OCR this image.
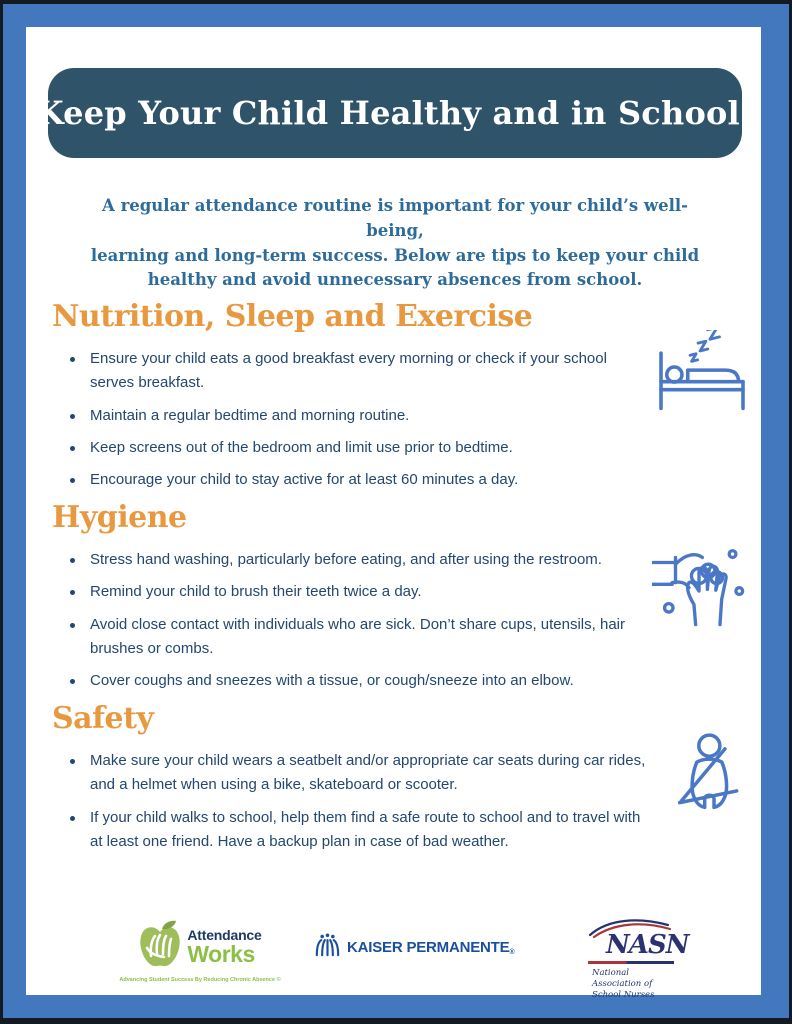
Keep Your Child Healthy and in School!
A regular attendance routine is important for your child’s well-being,
learning and long-term success. Below are tips to keep your child
healthy and avoid unnecessary absences from school.
Nutrition, Sleep and Exercise
Ensure your child eats a good breakfast every morning or check if your school serves breakfast.
Maintain a regular bedtime and morning routine.
Keep screens out of the bedroom and limit use prior to bedtime.
Encourage your child to stay active for at least 60 minutes a day.
Hygiene
Stress hand washing, particularly before eating, and after using the restroom.
Remind your child to brush their teeth twice a day.
Avoid close contact with individuals who are sick. Don’t share cups, utensils, hair brushes or combs.
Cover coughs and sneezes with a tissue, or cough/sneeze into an elbow.
Safety
Make sure your child wears a seatbelt and/or appropriate car seats during car rides, and a helmet when using a bike, skateboard or scooter.
If your child walks to school, help them find a safe route to school and to travel with at least one friend. Have a backup plan in case of bad weather.
Attendance
Works
Advancing Student Success By Reducing Chronic Absence ©
KAISER PERMANENTE®	NASN
National
Association of
School Nurses
